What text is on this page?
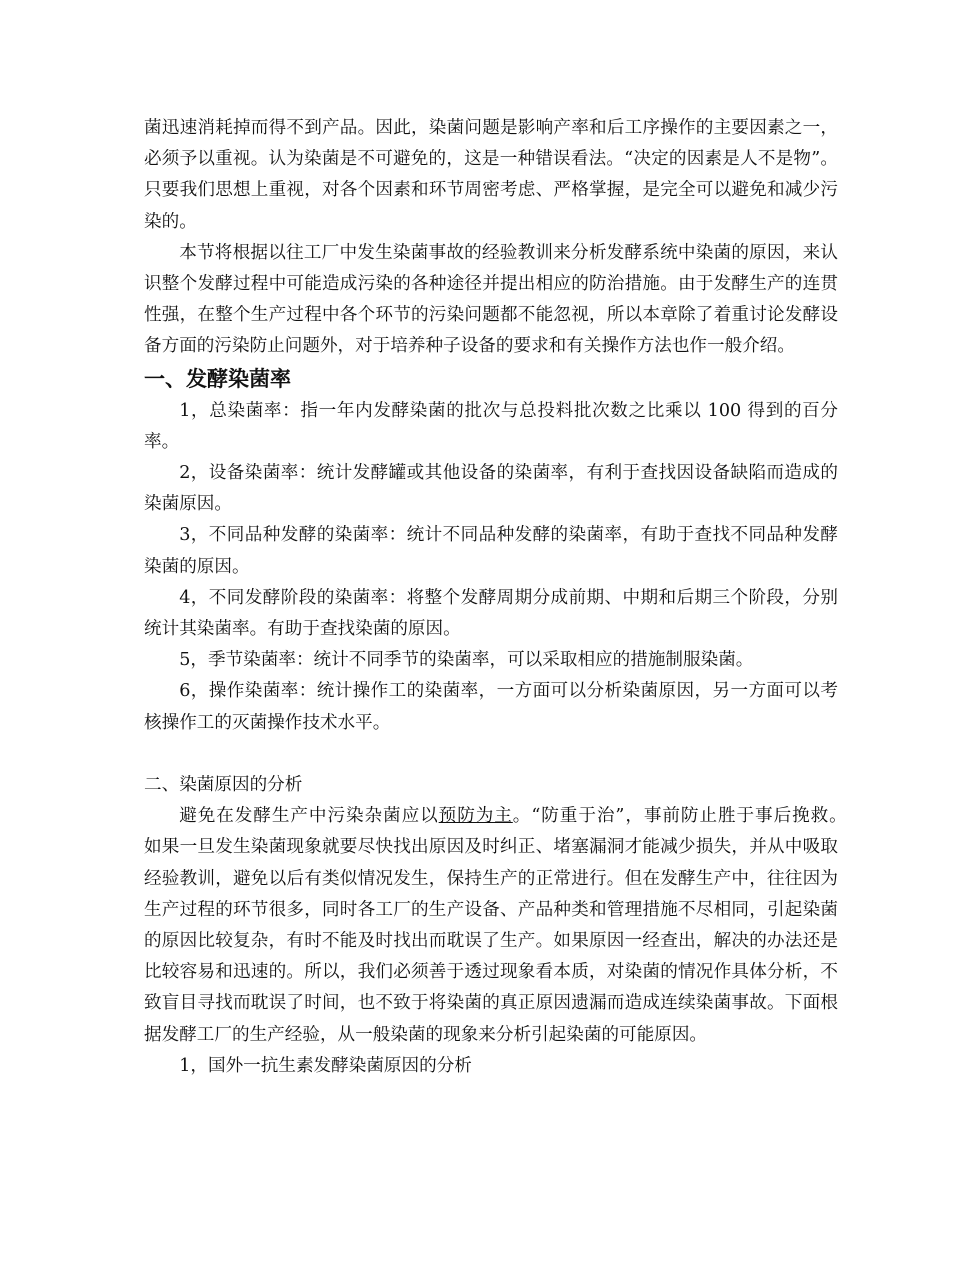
菌迅速消耗掉而得不到产品。因此，染菌问题是影响产率和后工序操作的主要因素之一，必须予以重视。认为染菌是不可避免的，这是一种错误看法。“决定的因素是人不是物”。只要我们思想上重视，对各个因素和环节周密考虑、严格掌握，是完全可以避免和减少污染的。

本节将根据以往工厂中发生染菌事故的经验教训来分析发酵系统中染菌的原因，来认识整个发酵过程中可能造成污染的各种途径并提出相应的防治措施。由于发酵生产的连贯性强，在整个生产过程中各个环节的污染问题都不能忽视，所以本章除了着重讨论发酵设备方面的污染防止问题外，对于培养种子设备的要求和有关操作方法也作一般介绍。

一、发酵染菌率

1，总染菌率：指一年内发酵染菌的批次与总投料批次数之比乘以 100 得到的百分率。

2，设备染菌率：统计发酵罐或其他设备的染菌率，有利于查找因设备缺陷而造成的染菌原因。

3，不同品种发酵的染菌率：统计不同品种发酵的染菌率，有助于查找不同品种发酵染菌的原因。

4，不同发酵阶段的染菌率：将整个发酵周期分成前期、中期和后期三个阶段，分别统计其染菌率。有助于查找染菌的原因。

5，季节染菌率：统计不同季节的染菌率，可以采取相应的措施制服染菌。

6，操作染菌率：统计操作工的染菌率，一方面可以分析染菌原因，另一方面可以考核操作工的灭菌操作技术水平。

二、染菌原因的分析

避免在发酵生产中污染杂菌应以预防为主。“防重于治”，事前防止胜于事后挽救。　如果一旦发生染菌现象就要尽快找出原因及时纠正、堵塞漏洞才能减少损失，并从中吸取经验教训，避免以后有类似情况发生，保持生产的正常进行。但在发酵生产中，往往因为生产过程的环节很多，同时各工厂的生产设备、产品种类和管理措施不尽相同，引起染菌的原因比较复杂，有时不能及时找出而耽误了生产。如果原因一经查出，解决的办法还是比较容易和迅速的。所以，我们必须善于透过现象看本质，对染菌的情况作具体分析，不致盲目寻找而耽误了时间，也不致于将染菌的真正原因遗漏而造成连续染菌事故。下面根据发酵工厂的生产经验，从一般染菌的现象来分析引起染菌的可能原因。

1，国外一抗生素发酵染菌原因的分析
